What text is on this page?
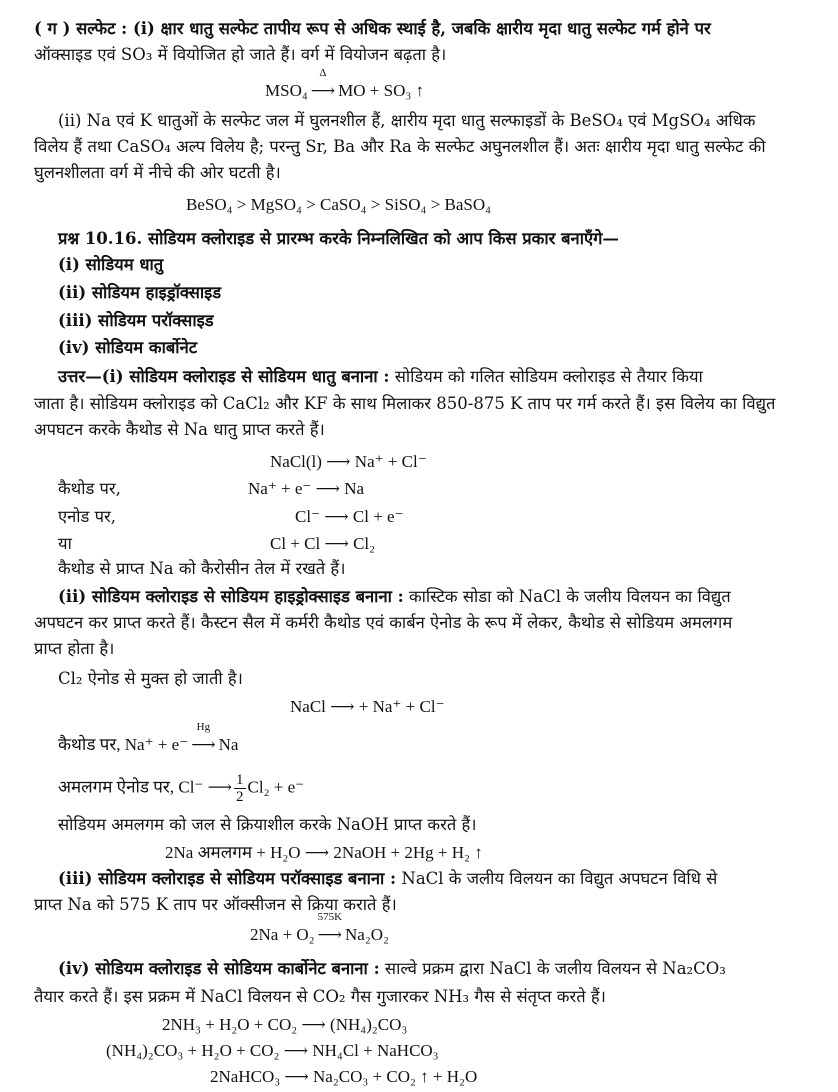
( ग ) सल्फेट : (i) क्षार धातु सल्फेट तापीय रूप से अधिक स्थाई है, जबकि क्षारीय मृदा धातु सल्फेट गर्म होने पर
ऑक्साइड एवं SO₃ में वियोजित हो जाते हैं। वर्ग में वियोजन बढ़ता है।
MSO₄
Δ
⟶ MO + SO₃ ↑
(ii) Na एवं K धातुओं के सल्फेट जल में घुलनशील हैं, क्षारीय मृदा धातु सल्फाइडों के BeSO₄ एवं MgSO₄ अधिक
विलेय हैं तथा CaSO₄ अल्प विलेय है; परन्तु Sr, Ba और Ra के सल्फेट अघुनलशील हैं। अतः क्षारीय मृदा धातु सल्फेट की
घुलनशीलता वर्ग में नीचे की ओर घटती है।
BeSO₄ > MgSO₄ > CaSO₄ > SiSO₄ > BaSO₄
प्रश्न 10.16. सोडियम क्लोराइड से प्रारम्भ करके निम्नलिखित को आप किस प्रकार बनाएँगे—
(i) सोडियम धातु
(ii) सोडियम हाइड्रॉक्साइड
(iii) सोडियम परॉक्साइड
(iv) सोडियम कार्बोनेट
उत्तर—(i) सोडियम क्लोराइड से सोडियम धातु बनाना : सोडियम को गलित सोडियम क्लोराइड से तैयार किया
जाता है। सोडियम क्लोराइड को CaCl₂ और KF के साथ मिलाकर 850-875 K ताप पर गर्म करते हैं। इस विलेय का विद्युत
अपघटन करके कैथोड से Na धातु प्राप्त करते हैं।
NaCl(l) ⟶ Na⁺ + Cl⁻
कैथोड पर,	Na⁺ + e⁻ ⟶ Na
एनोड पर,	Cl⁻ ⟶ Cl + e⁻
या	Cl + Cl ⟶ Cl₂
कैथोड से प्राप्त Na को कैरोसीन तेल में रखते हैं।
(ii) सोडियम क्लोराइड से सोडियम हाइड्रोक्साइड बनाना : कास्टिक सोडा को NaCl के जलीय विलयन का विद्युत
अपघटन कर प्राप्त करते हैं। कैस्टन सैल में कर्मरी कैथोड एवं कार्बन ऐनोड के रूप में लेकर, कैथोड से सोडियम अमलगम
प्राप्त होता है।
Cl₂ ऐनोड से मुक्त हो जाती है।
NaCl ⟶ + Na⁺ + Cl⁻
कैथोड पर, Na⁺ + e⁻
Hg
⟶ Na
अमलगम ऐनोड पर, Cl⁻ ⟶ $\frac{1}{2} Cl_2 + e^-$
सोडियम अमलगम को जल से क्रियाशील करके NaOH प्राप्त करते हैं।
2Na अमलगम + H₂O ⟶ 2NaOH + 2Hg + H₂ ↑
(iii) सोडियम क्लोराइड से सोडियम परॉक्साइड बनाना : NaCl के जलीय विलयन का विद्युत अपघटन विधि से
प्राप्त Na को 575 K ताप पर ऑक्सीजन से क्रिया कराते हैं।
2Na + O₂
575K
⟶ Na₂O₂
(iv) सोडियम क्लोराइड से सोडियम कार्बोनेट बनाना : साल्वे प्रक्रम द्वारा NaCl के जलीय विलयन से Na₂CO₃
तैयार करते हैं। इस प्रक्रम में NaCl विलयन से CO₂ गैस गुजारकर NH₃ गैस से संतृप्त करते हैं।
2NH₃ + H₂O + CO₂ ⟶ (NH₄)₂CO₃
(NH₄)₂CO₃ + H₂O + CO₂ ⟶ NH₄Cl + NaHCO₃
2NaHCO₃ ⟶ Na₂CO₃ + CO₂ ↑ + H₂O
